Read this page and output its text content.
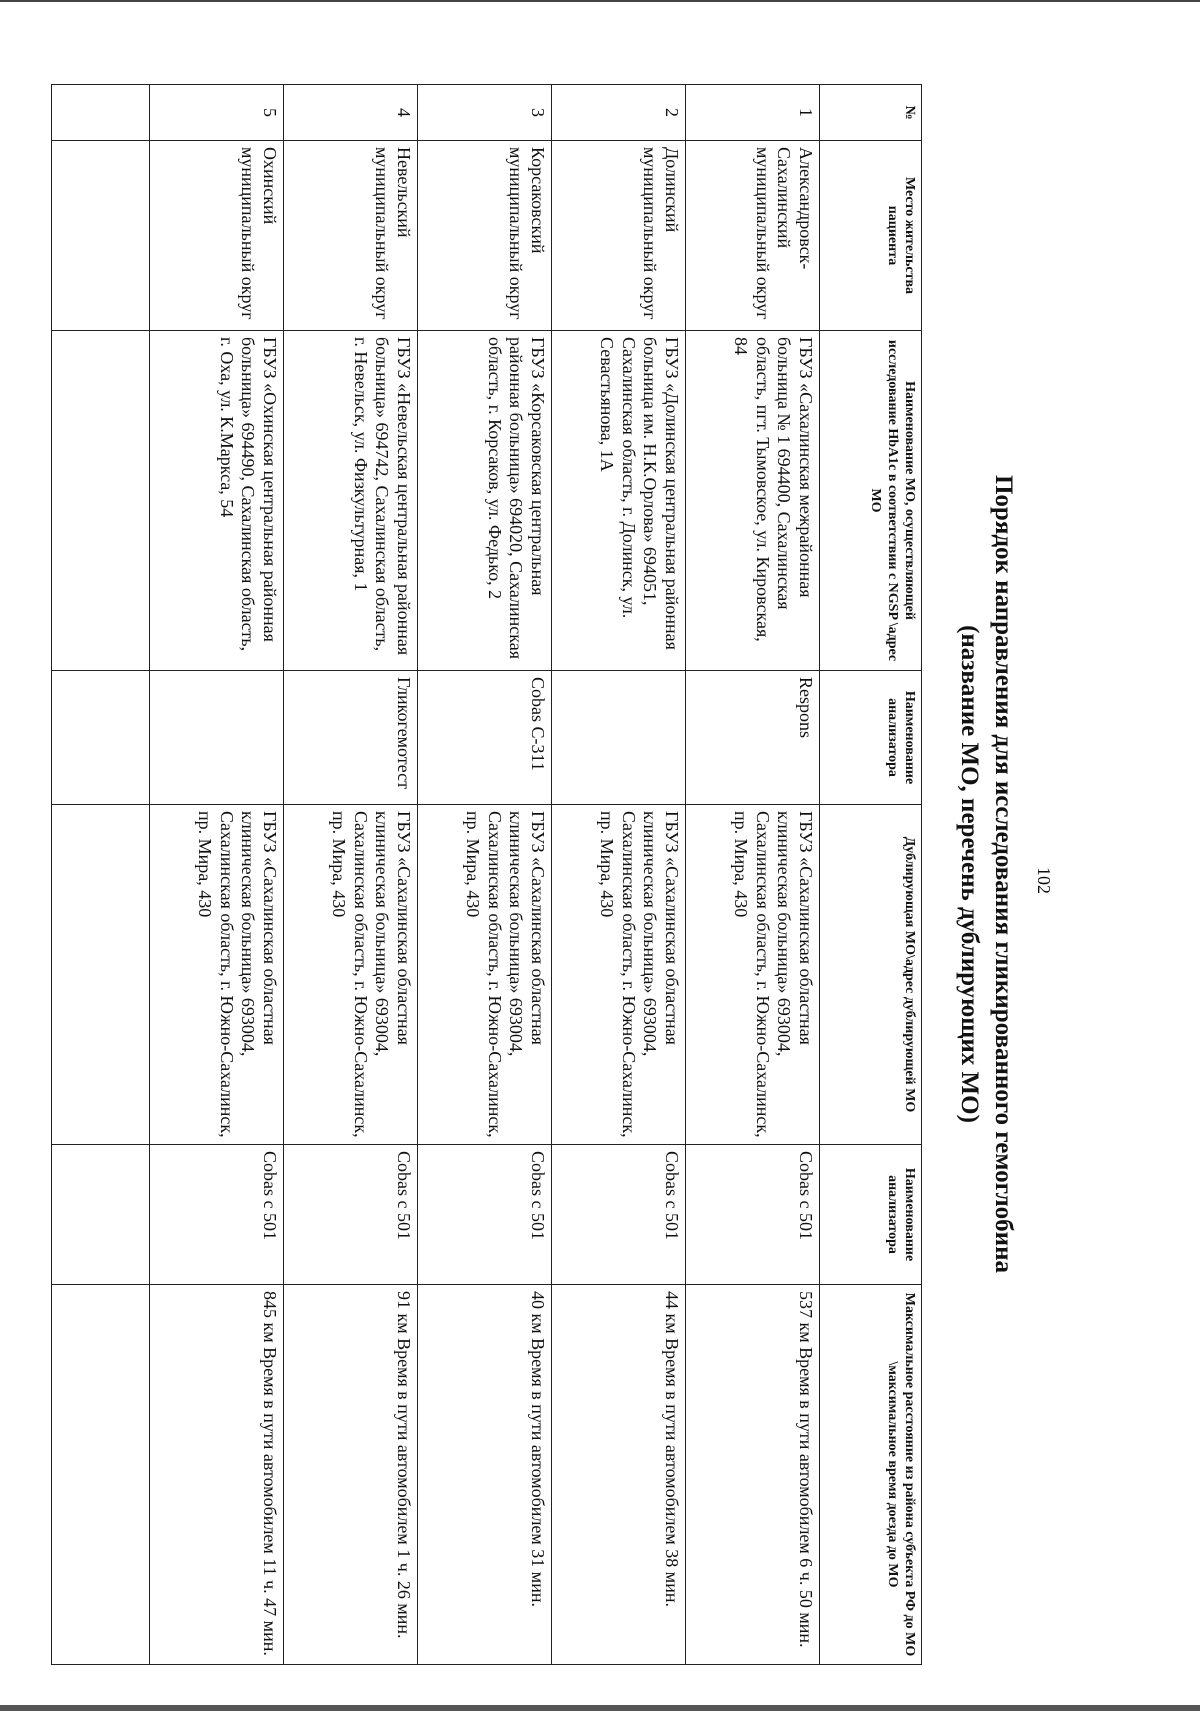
102
Порядок направления для исследования гликированного гемоглобина
(название МО, перечень дублирующих МО)
№	Место жительства пациента	Наименование МО, осуществляющей исследование HbA1c в соответствии с NGSP \адрес МО	Наименование анализатора	Дублирующая МО\адрес дублирующей МО	Наименование анализатора	Максимальное расстояние из района субъекта РФ до МО \максимальное время доезда до МО
1	Александровск-Сахалинский муниципальный округ	ГБУЗ «Сахалинская межрайонная больница № 1 694400, Сахалинская область, пгт. Тымовское, ул. Кировская, 84	Respons	ГБУЗ «Сахалинская областная клиническая больница» 693004, Сахалинская область, г. Южно-Сахалинск, пр. Мира, 430	Cobas c 501	537 км Время в пути автомобилем 6 ч. 50 мин.
2	Долинский муниципальный округ	ГБУЗ «Долинская центральная районная больница им. Н.К.Орлова» 694051, Сахалинская область, г. Долинск, ул. Севастьянова, 1А		ГБУЗ «Сахалинская областная клиническая больница» 693004, Сахалинская область, г. Южно-Сахалинск, пр. Мира, 430	Cobas c 501	44 км Время в пути автомобилем 38 мин.
3	Корсаковский муниципальный округ	ГБУЗ «Корсаковская центральная районная больница» 694020, Сахалинская область, г. Корсаков, ул. Федько, 2	Cobas C-311	ГБУЗ «Сахалинская областная клиническая больница» 693004, Сахалинская область, г. Южно-Сахалинск, пр. Мира, 430	Cobas c 501	40 км Время в пути автомобилем 31 мин.
4	Невельский муниципальный округ	ГБУЗ «Невельская центральная районная больница» 694742, Сахалинская область, г. Невельск, ул. Физкультурная, 1	Гликогемотест	ГБУЗ «Сахалинская областная клиническая больница» 693004, Сахалинская область, г. Южно-Сахалинск, пр. Мира, 430	Cobas c 501	91 км Время в пути автомобилем 1 ч. 26 мин.
5	Охинский муниципальный округ	ГБУЗ «Охинская центральная районная больница» 694490, Сахалинская область, г. Оха, ул. К.Маркса, 54		ГБУЗ «Сахалинская областная клиническая больница» 693004, Сахалинская область, г. Южно-Сахалинск, пр. Мира, 430	Cobas c 501	845 км Время в пути автомобилем 11 ч. 47 мин.
